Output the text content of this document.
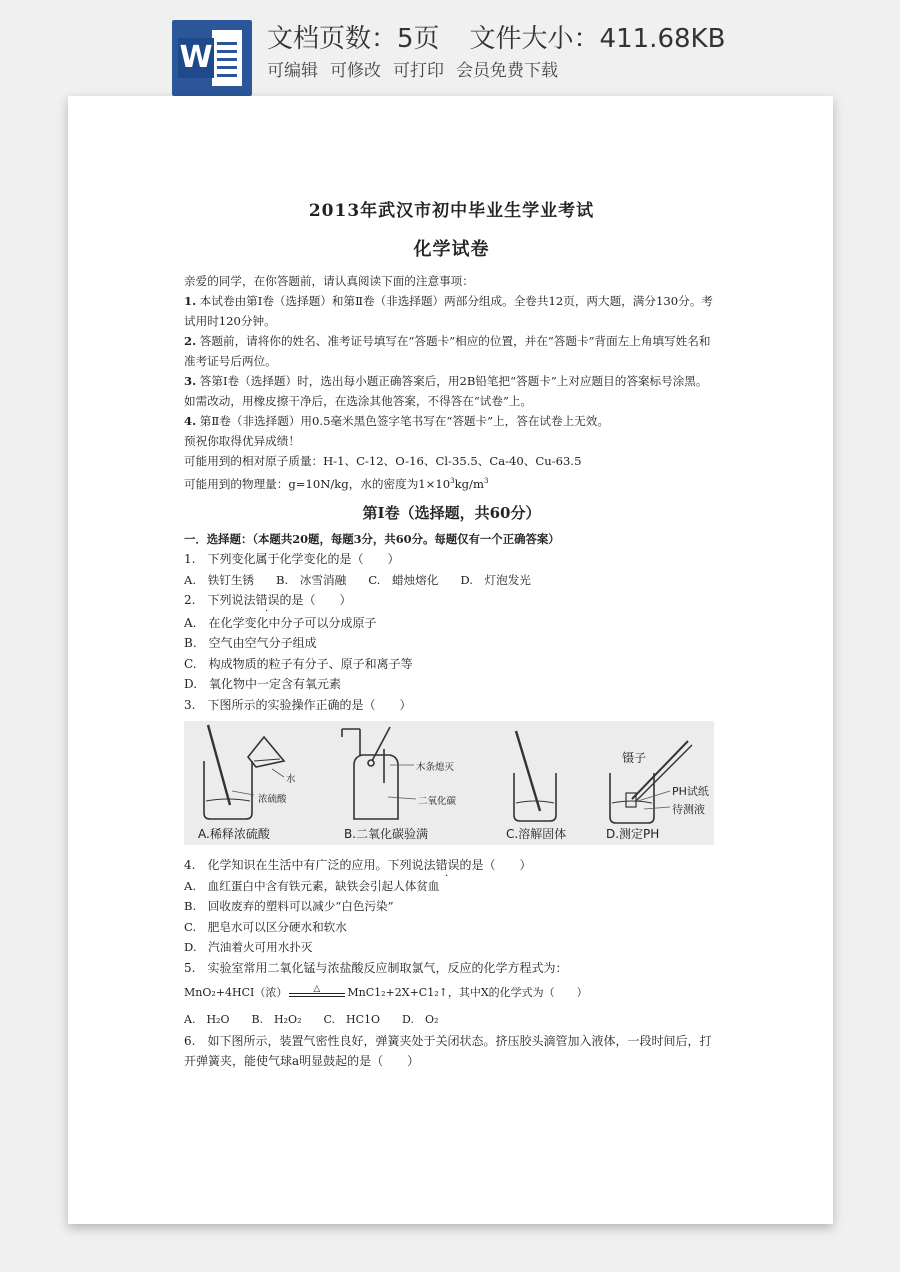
W
文档页数：5页 文件大小：411.68KB
可编辑 可修改 可打印 会员免费下载

2013年武汉市初中毕业生学业考试

化学试卷

亲爱的同学，在你答题前，请认真阅读下面的注意事项：

1. 本试卷由第Ⅰ卷（选择题）和第Ⅱ卷（非选择题）两部分组成。全卷共12页，两大题，满分130分。考试用时120分钟。

2. 答题前，请将你的姓名、准考证号填写在“答题卡”相应的位置，并在“答题卡”背面左上角填写姓名和准考证号后两位。

3. 答第Ⅰ卷（选择题）时，选出每小题正确答案后，用2B铅笔把“答题卡”上对应题目的答案标号涂黑。如需改动，用橡皮擦干净后，在选涂其他答案，不得答在“试卷”上。

4. 第Ⅱ卷（非选择题）用0.5毫米黑色签字笔书写在“答题卡”上，答在试卷上无效。

预祝你取得优异成绩！

可能用到的相对原子质量：H-1、C-12、O-16、Cl-35.5、Ca-40、Cu-63.5

可能用到的物理量：g=10N/kg，水的密度为$1\times 10^3kg/m^3$

第Ⅰ卷（选择题，共60分）

一．选择题：（本题共20题，每题3分，共60分。每题仅有一个正确答案）

1.　下列变化属于化学变化的是（　　）

A.　铁钉生锈 B.　冰雪消融 C.　蜡烛熔化 D.　灯泡发光

2.　下列说法错误的是（　　）

A.　在化学变化中分子可以分成原子

B.　空气由空气分子组成

C.　构成物质的粒子有分子、原子和离子等

D.　氧化物中一定含有氧元素

3.　下图所示的实验操作正确的是（　　）

水
浓硫酸
木条熄灭
二氧化碳
镊子
PH试纸
待测液
A.稀释浓硫酸	B.二氧化碳验满	C.溶解固体	D.测定PH

4.　化学知识在生活中有广泛的应用。下列说法错误的是（　　）

A.　血红蛋白中含有铁元素，缺铁会引起人体贫血

B.　回收废弃的塑料可以减少“白色污染”

C.　肥皂水可以区分硬水和软水

D.　汽油着火可用水扑灭

5.　实验室常用二氧化锰与浓盐酸反应制取氯气，反应的化学方程式为：

MnO₂+4HCI（浓）	△ MnC1₂+2X+C1₂↑，其中X的化学式为（　　）
A.　H₂O B.　H₂O₂ C.　HC1O D.　O₂

6.　如下图所示，装置气密性良好，弹簧夹处于关闭状态。挤压胶头滴管加入液体，一段时间后，打开弹簧夹，能使气球a明显鼓起的是（　　）
